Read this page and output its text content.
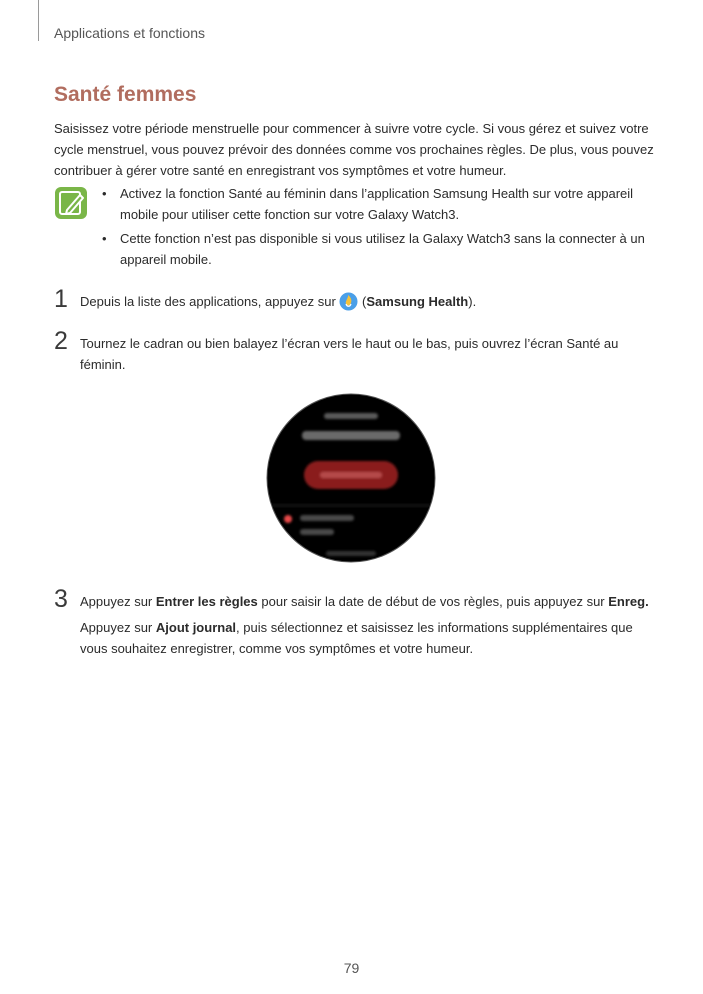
Applications et fonctions
Santé femmes

Saisissez votre période menstruelle pour commencer à suivre votre cycle. Si vous gérez et suivez votre cycle menstruel, vous pouvez prévoir des données comme vos prochaines règles. De plus, vous pouvez contribuer à gérer votre santé en enregistrant vos symptômes et votre humeur.

• Activez la fonction Santé au féminin dans l’application Samsung Health sur votre appareil mobile pour utiliser cette fonction sur votre Galaxy Watch3.
• Cette fonction n’est pas disponible si vous utilisez la Galaxy Watch3 sans la connecter à un appareil mobile.
1 Depuis la liste des applications, appuyez sur  (Samsung Health).
2 Tournez le cadran ou bien balayez l’écran vers le haut ou le bas, puis ouvrez l’écran Santé au féminin.
3 Appuyez sur Entrer les règles pour saisir la date de début de vos règles, puis appuyez sur Enreg.
Appuyez sur Ajout journal, puis sélectionnez et saisissez les informations supplémentaires que vous souhaitez enregistrer, comme vos symptômes et votre humeur.
79
